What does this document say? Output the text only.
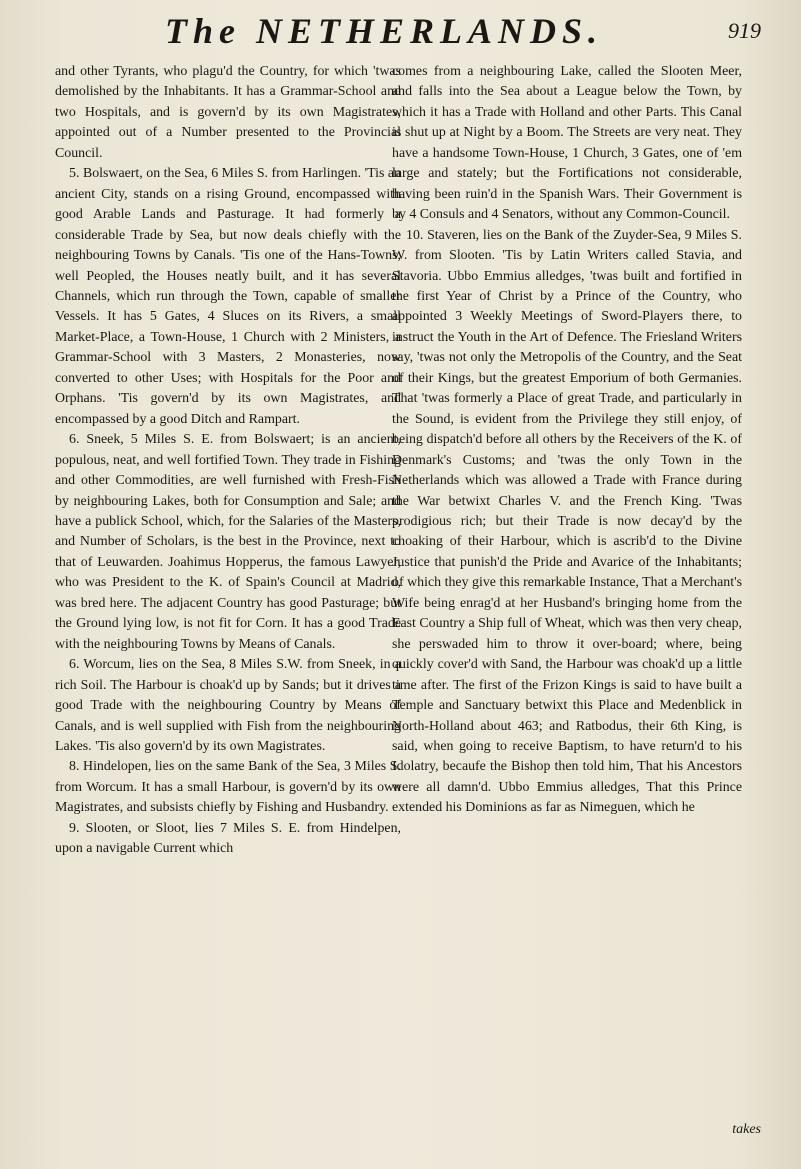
The NETHERLANDS.	919

and other Tyrants, who plagu'd the Country, for which 'twas demolished by the Inhabitants. It has a Grammar-School and two Hospitals, and is govern'd by its own Magistrates, appointed out of a Number presented to the Provincial Council.

5. Bolswaert, on the Sea, 6 Miles S. from Harlingen. 'Tis an ancient City, stands on a rising Ground, encompassed with good Arable Lands and Pasturage. It had formerly a considerable Trade by Sea, but now deals chiefly with the neighbouring Towns by Canals. 'Tis one of the Hans-Towns, well Peopled, the Houses neatly built, and it has several Channels, which run through the Town, capable of smaller Vessels. It has 5 Gates, 4 Sluces on its Rivers, a small Market-Place, a Town-House, 1 Church with 2 Ministers, a Grammar-School with 3 Masters, 2 Monasteries, now converted to other Uses; with Hospitals for the Poor and Orphans. 'Tis govern'd by its own Magistrates, and encompassed by a good Ditch and Rampart.

6. Sneek, 5 Miles S. E. from Bolswaert; is an ancient, populous, neat, and well fortified Town. They trade in Fishing and other Commodities, are well furnished with Fresh-Fish by neighbouring Lakes, both for Consumption and Sale; and have a publick School, which, for the Salaries of the Masters, and Number of Scholars, is the best in the Province, next to that of Leuwarden. Joahimus Hopperus, the famous Lawyer, who was President to the K. of Spain's Council at Madrid, was bred here. The adjacent Country has good Pasturage; but the Ground lying low, is not fit for Corn. It has a good Trade with the neighbouring Towns by Means of Canals.

6. Worcum, lies on the Sea, 8 Miles S.W. from Sneek, in a rich Soil. The Harbour is choak'd up by Sands; but it drives a good Trade with the neighbouring Country by Means of Canals, and is well supplied with Fish from the neighbouring Lakes. 'Tis also govern'd by its own Magistrates.

8. Hindelopen, lies on the same Bank of the Sea, 3 Miles S. from Worcum. It has a small Harbour, is govern'd by its own Magistrates, and subsists chiefly by Fishing and Husbandry.

9. Slooten, or Sloot, lies 7 Miles S. E. from Hindelpen, upon a navigable Current which

comes from a neighbouring Lake, called the Slooten Meer, and falls into the Sea about a League below the Town, by which it has a Trade with Holland and other Parts. This Canal is shut up at Night by a Boom. The Streets are very neat. They have a handsome Town-House, 1 Church, 3 Gates, one of 'em large and stately; but the Fortifications not considerable, having been ruin'd in the Spanish Wars. Their Government is by 4 Consuls and 4 Senators, without any Common-Council.

10. Staveren, lies on the Bank of the Zuyder-Sea, 9 Miles S. W. from Slooten. 'Tis by Latin Writers called Stavia, and Stavoria. Ubbo Emmius alledges, 'twas built and fortified in the first Year of Christ by a Prince of the Country, who appointed 3 Weekly Meetings of Sword-Players there, to instruct the Youth in the Art of Defence. The Friesland Writers say, 'twas not only the Metropolis of the Country, and the Seat of their Kings, but the greatest Emporium of both Germanies. That 'twas formerly a Place of great Trade, and particularly in the Sound, is evident from the Privilege they still enjoy, of being dispatch'd before all others by the Receivers of the K. of Denmark's Customs; and 'twas the only Town in the Netherlands which was allowed a Trade with France during the War betwixt Charles V. and the French King. 'Twas prodigious rich; but their Trade is now decay'd by the choaking of their Harbour, which is ascrib'd to the Divine Justice that punish'd the Pride and Avarice of the Inhabitants; of which they give this remarkable Instance, That a Merchant's Wife being enrag'd at her Husband's bringing home from the East Country a Ship full of Wheat, which was then very cheap, she perswaded him to throw it over-board; where, being quickly cover'd with Sand, the Harbour was choak'd up a little time after. The first of the Frizon Kings is said to have built a Temple and Sanctuary betwixt this Place and Medenblick in North-Holland about 463; and Ratbodus, their 6th King, is said, when going to receive Baptism, to have return'd to his Idolatry, becaufe the Bishop then told him, That his Ancestors were all damn'd. Ubbo Emmius alledges, That this Prince extended his Dominions as far as Nimeguen, which he

takes
